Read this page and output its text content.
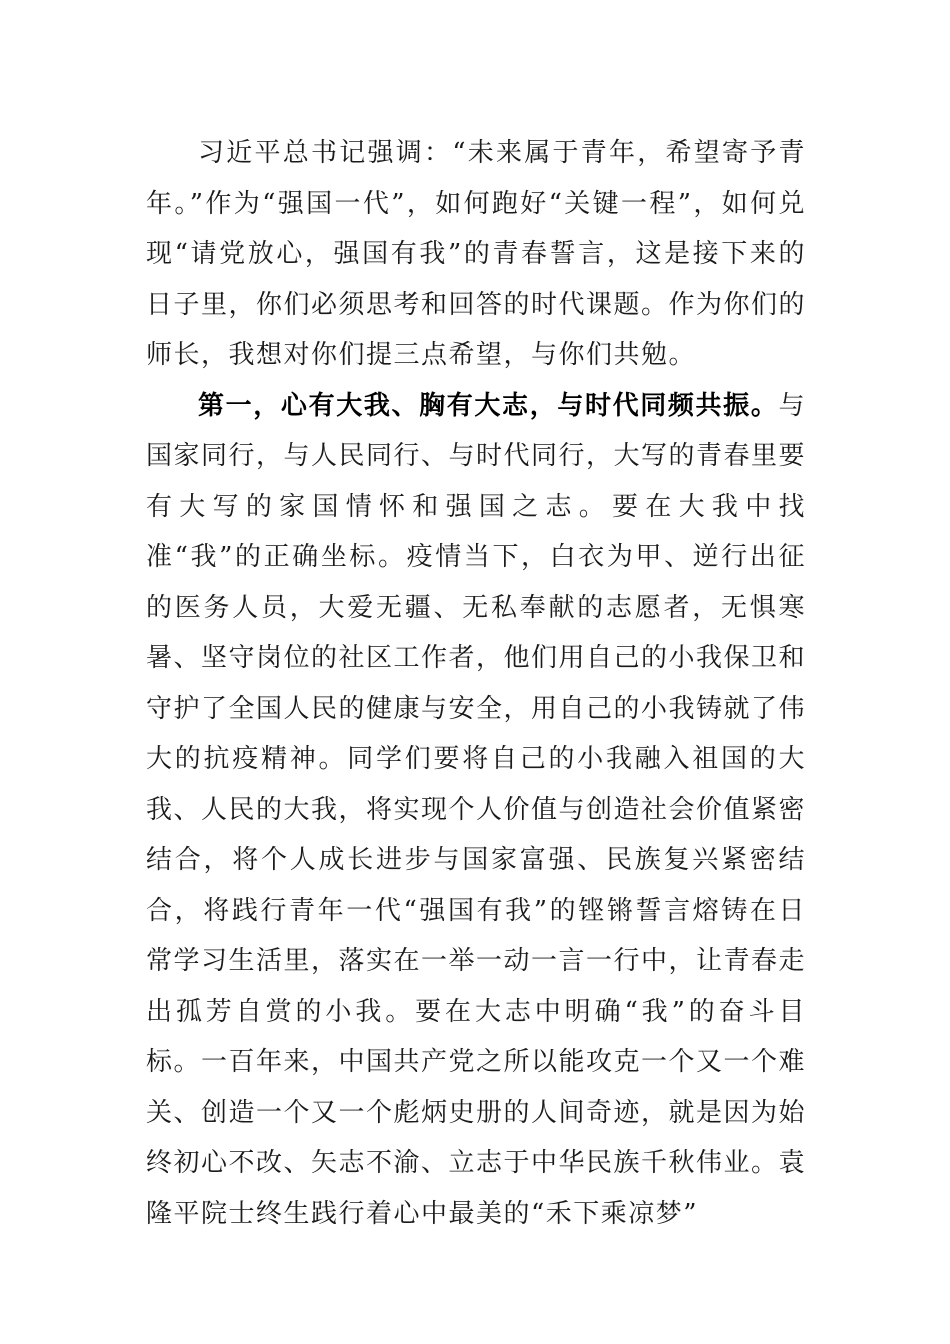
习近平总书记强调：“未来属于青年，希望寄予青年。”作为“强国一代”，如何跑好“关键一程”，如何兑现“请党放心，强国有我”的青春誓言，这是接下来的日子里，你们必须思考和回答的时代课题。作为你们的师长，我想对你们提三点希望，与你们共勉。

第一，心有大我、胸有大志，与时代同频共振。与国家同行，与人民同行、与时代同行，大写的青春里要有大写的家国情怀和强国之志。要在大我中找准“我”的正确坐标。疫情当下，白衣为甲、逆行出征的医务人员，大爱无疆、无私奉献的志愿者，无惧寒暑、坚守岗位的社区工作者，他们用自己的小我保卫和守护了全国人民的健康与安全，用自己的小我铸就了伟大的抗疫精神。同学们要将自己的小我融入祖国的大我、人民的大我，将实现个人价值与创造社会价值紧密结合，将个人成长进步与国家富强、民族复兴紧密结合，将践行青年一代“强国有我”的铿锵誓言熔铸在日常学习生活里，落实在一举一动一言一行中，让青春走出孤芳自赏的小我。要在大志中明确“我”的奋斗目标。一百年来，中国共产党之所以能攻克一个又一个难关、创造一个又一个彪炳史册的人间奇迹，就是因为始终初心不改、矢志不渝、立志于中华民族千秋伟业。袁隆平院士终生践行着心中最美的“禾下乘凉梦”
